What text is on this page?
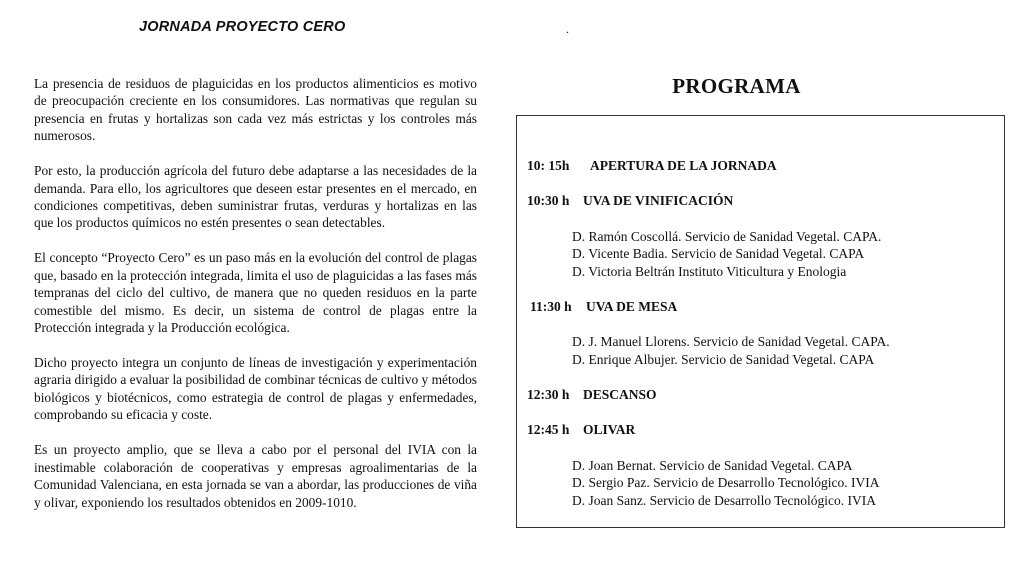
JORNADA PROYECTO CERO	.

La presencia de residuos de plaguicidas en los productos alimenticios es motivo de preocupación creciente en los consumidores. Las normativas que regulan su presencia en frutas y hortalizas son cada vez más estrictas y los controles más numerosos.

Por esto, la producción agrícola del futuro debe adaptarse a las necesidades de la demanda. Para ello, los agricultores que deseen estar presentes en el mercado, en condiciones competitivas, deben suministrar frutas, verduras y hortalizas en las que los productos químicos no estén presentes o sean detectables.

El concepto “Proyecto Cero” es un paso más en la evolución del control de plagas que, basado en la protección integrada, limita el uso de plaguicidas a las fases más tempranas del ciclo del cultivo, de manera que no queden residuos en la parte comestible del mismo. Es decir, un sistema de control de plagas entre la Protección integrada y la Producción ecológica.

Dicho proyecto integra un conjunto de líneas de investigación y experimentación agraria dirigido a evaluar la posibilidad de combinar técnicas de cultivo y métodos biológicos y biotécnicos, como estrategia de control de plagas y enfermedades, comprobando su eficacia y coste.

Es un proyecto amplio, que se lleva a cabo por el personal del IVIA con la inestimable colaboración de cooperativas y empresas agroalimentarias de la Comunidad Valenciana, en esta jornada se van a abordar, las producciones de viña y olivar, exponiendo los resultados obtenidos en 2009-1010.

PROGRAMA
10: 15h APERTURA DE LA JORNADA
10:30 h UVA DE VINIFICACIÓN
D. Ramón Coscollá. Servicio de Sanidad Vegetal. CAPA.
D. Vicente Badia. Servicio de Sanidad Vegetal. CAPA
D. Victoria Beltrán Instituto Viticultura y Enologia
11:30 h UVA DE MESA
D. J. Manuel Llorens. Servicio de Sanidad Vegetal. CAPA.
D. Enrique Albujer. Servicio de Sanidad Vegetal. CAPA
12:30 h DESCANSO
12:45 h OLIVAR
D. Joan Bernat. Servicio de Sanidad Vegetal. CAPA
D. Sergio Paz. Servicio de Desarrollo Tecnológico. IVIA
D. Joan Sanz. Servicio de Desarrollo Tecnológico. IVIA
